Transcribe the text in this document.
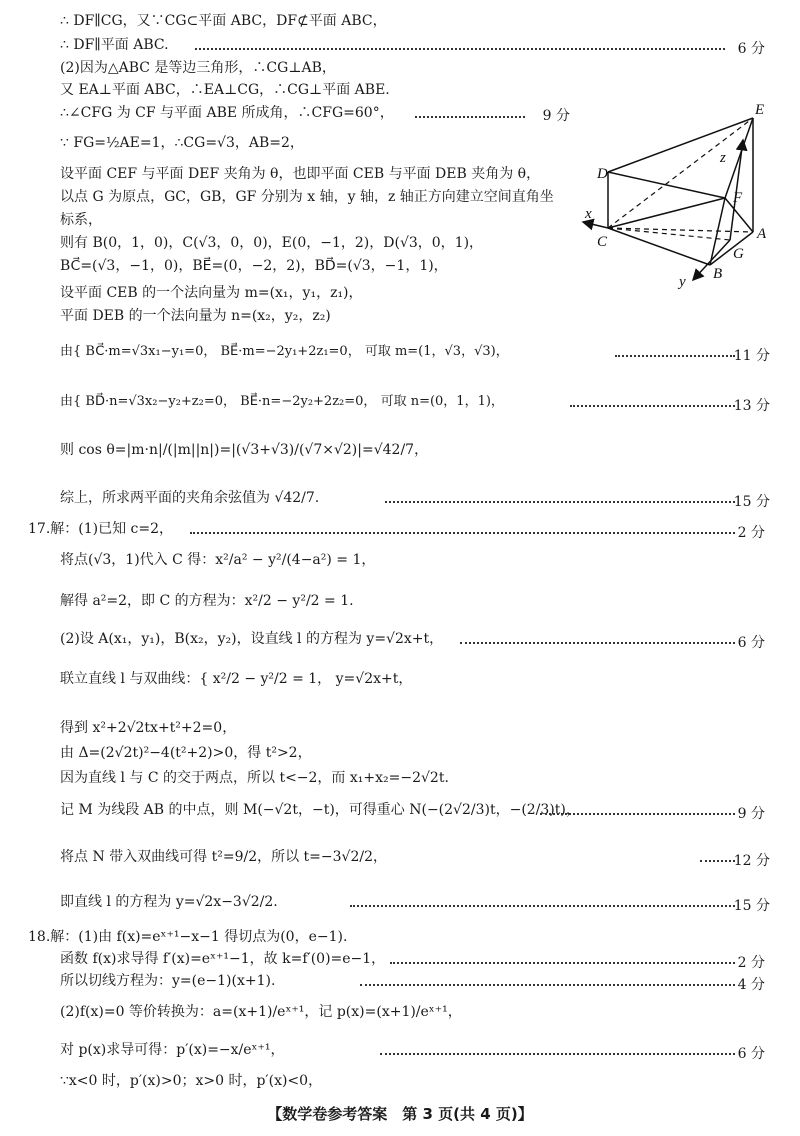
∴ DF∥CG，又∵CG⊂平面 ABC，DF⊄平面 ABC，
∴ DF∥平面 ABC.
(2)因为△ABC 是等边三角形，∴CG⊥AB，
又 EA⊥平面 ABC，∴EA⊥CG，∴CG⊥平面 ABE.
∴∠CFG 为 CF 与平面 ABE 所成角，∴CFG=60°，
∵ FG=½AE=1，∴CG=√3，AB=2，
设平面 CEF 与平面 DEF 夹角为 θ，也即平面 CEB 与平面 DEB 夹角为 θ，
以点 G 为原点，GC，GB，GF 分别为 x 轴，y 轴，z 轴正方向建立空间直角坐
标系，
则有 B(0，1，0)，C(√3，0，0)，E(0，−1，2)，D(√3，0，1)，
BC⃗=(√3，−1，0)，BE⃗=(0，−2，2)，BD⃗=(√3，−1，1)，
设平面 CEB 的一个法向量为 m=(x₁，y₁，z₁)，
平面 DEB 的一个法向量为 n=(x₂，y₂，z₂)
由{ BC⃗·m=√3x₁−y₁=0， BE⃗·m=−2y₁+2z₁=0， 可取 m=(1，√3，√3)，
由{ BD⃗·n=√3x₂−y₂+z₂=0， BE⃗·n=−2y₂+2z₂=0， 可取 n=(0，1，1)，
则 cos θ=|m·n|/(|m||n|)=|(√3+√3)/(√7×√2)|=√42/7，
综上，所求两平面的夹角余弦值为 √42/7.
17.解：(1)已知 c=2，
将点(√3，1)代入 C 得：x²/a² − y²/(4−a²) = 1，
解得 a²=2，即 C 的方程为：x²/2 − y²/2 = 1.
(2)设 A(x₁，y₁)，B(x₂，y₂)，设直线 l 的方程为 y=√2x+t，
联立直线 l 与双曲线：{ x²/2 − y²/2 = 1， y=√2x+t，
得到 x²+2√2tx+t²+2=0，
由 Δ=(2√2t)²−4(t²+2)>0，得 t²>2，
因为直线 l 与 C 的交于两点，所以 t<−2，而 x₁+x₂=−2√2t.
记 M 为线段 AB 的中点，则 M(−√2t，−t)，可得重心 N(−(2√2/3)t，−(2/3)t)，
将点 N 带入双曲线可得 t²=9/2，所以 t=−3√2/2，
即直线 l 的方程为 y=√2x−3√2/2.
18.解：(1)由 f(x)=eˣ⁺¹−x−1 得切点为(0，e−1).
函数 f(x)求导得 f′(x)=eˣ⁺¹−1，故 k=f′(0)=e−1，
所以切线方程为：y=(e−1)(x+1).
(2)f(x)=0 等价转换为：a=(x+1)/eˣ⁺¹，记 p(x)=(x+1)/eˣ⁺¹，
对 p(x)求导可得：p′(x)=−x/eˣ⁺¹，
∵x<0 时，p′(x)>0；x>0 时，p′(x)<0，
6 分
9 分
11 分
13 分
15 分
2 分
6 分
9 分
12 分
15 分
2 分
4 分
6 分
E
D
F
z
x
C	A
G
B
y
【数学卷参考答案　第 3 页(共 4 页)】
